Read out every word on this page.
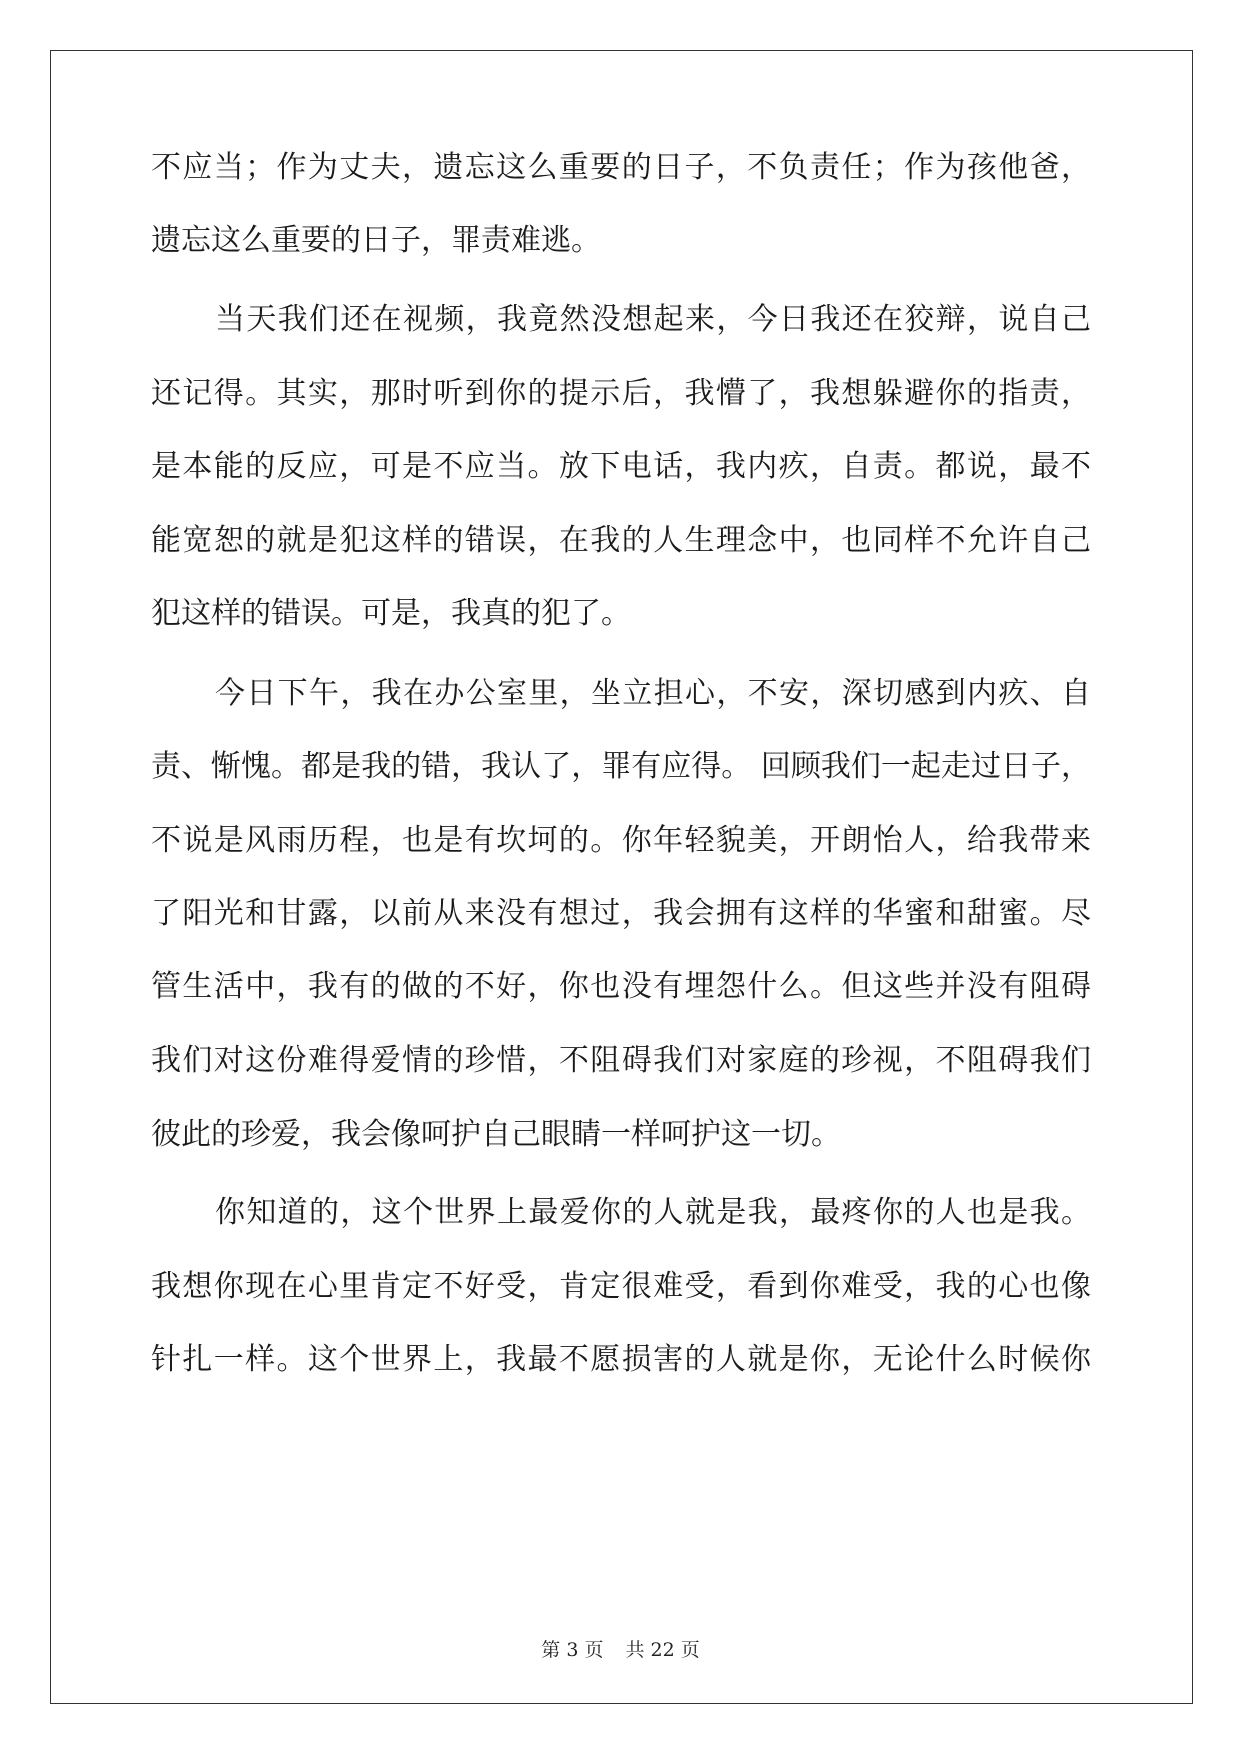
不应当；作为丈夫，遗忘这么重要的日子，不负责任；作为孩他爸，
遗忘这么重要的日子，罪责难逃。
当天我们还在视频，我竟然没想起来，今日我还在狡辩，说自己
还记得。其实，那时听到你的提示后，我懵了，我想躲避你的指责，
是本能的反应，可是不应当。放下电话，我内疚，自责。都说，最不
能宽恕的就是犯这样的错误，在我的人生理念中，也同样不允许自己
犯这样的错误。可是，我真的犯了。
今日下午，我在办公室里，坐立担心，不安，深切感到内疚、自
责、惭愧。都是我的错，我认了，罪有应得。 回顾我们一起走过日子，
不说是风雨历程，也是有坎坷的。你年轻貌美，开朗怡人，给我带来
了阳光和甘露，以前从来没有想过，我会拥有这样的华蜜和甜蜜。尽
管生活中，我有的做的不好，你也没有埋怨什么。但这些并没有阻碍
我们对这份难得爱情的珍惜，不阻碍我们对家庭的珍视，不阻碍我们
彼此的珍爱，我会像呵护自己眼睛一样呵护这一切。
你知道的，这个世界上最爱你的人就是我，最疼你的人也是我。
我想你现在心里肯定不好受，肯定很难受，看到你难受，我的心也像
针扎一样。这个世界上，我最不愿损害的人就是你，无论什么时候你
第 3 页 共 22 页
